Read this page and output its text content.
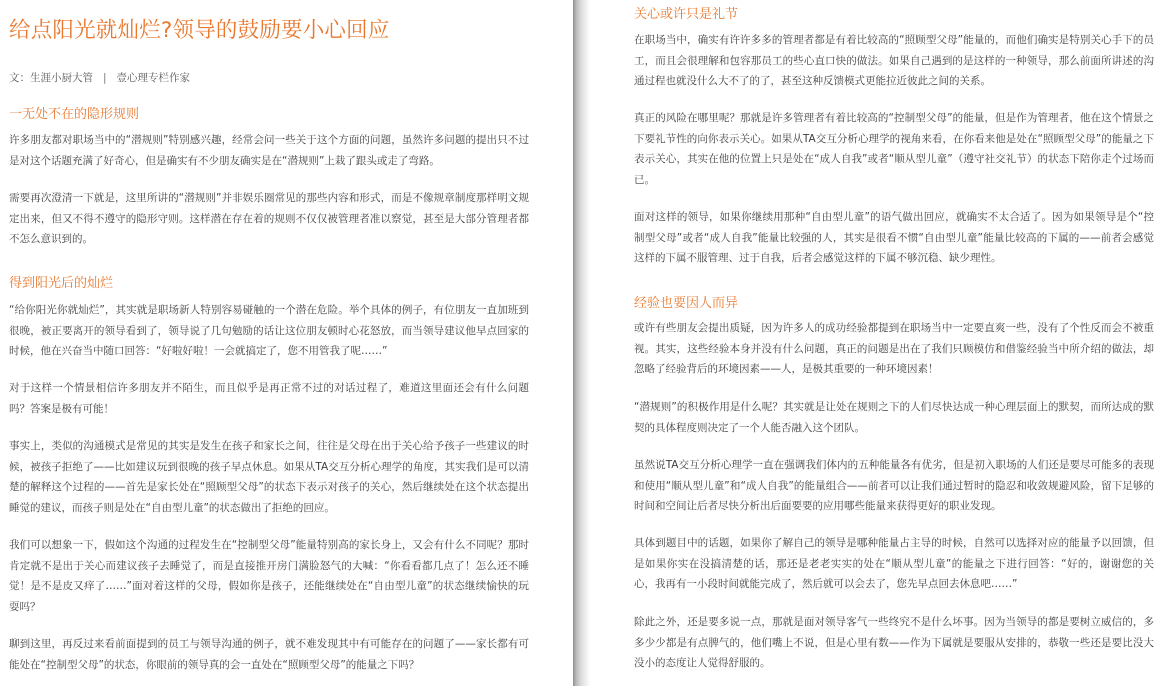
给点阳光就灿烂?领导的鼓励要小心回应
文：生涯小厨大管 | 壹心理专栏作家
一无处不在的隐形规则

许多朋友都对职场当中的“潜规则”特别感兴趣，经常会问一些关于这个方面的问题，虽然许多问题的提出只不过是对这个话题充满了好奇心，但是确实有不少朋友确实是在“潜规则”上栽了跟头或走了弯路。

需要再次澄清一下就是，这里所讲的“潜规则”并非娱乐圈常见的那些内容和形式，而是不像规章制度那样明文规定出来，但又不得不遵守的隐形守则。这样潜在存在着的规则不仅仅被管理者准以察觉，甚至是大部分管理者都不怎么意识到的。

得到阳光后的灿烂

“给你阳光你就灿烂”，其实就是职场新人特别容易碰触的一个潜在危险。举个具体的例子，有位朋友一直加班到很晚，被正要离开的领导看到了，领导说了几句勉励的话让这位朋友顿时心花怒放，而当领导建议他早点回家的时候，他在兴奋当中随口回答：“好啦好啦！一会就搞定了，您不用管我了呢……”

对于这样一个情景相信许多朋友并不陌生，而且似乎是再正常不过的对话过程了，难道这里面还会有什么问题吗？答案是极有可能！

事实上，类似的沟通模式是常见的其实是发生在孩子和家长之间，往往是父母在出于关心给予孩子一些建议的时候，被孩子拒绝了——比如建议玩到很晚的孩子早点休息。如果从TA交互分析心理学的角度，其实我们是可以清楚的解释这个过程的——首先是家长处在“照顾型父母”的状态下表示对孩子的关心，然后继续处在这个状态提出睡觉的建议，而孩子则是处在“自由型儿童”的状态做出了拒绝的回应。

我们可以想象一下，假如这个沟通的过程发生在“控制型父母”能量特别高的家长身上，又会有什么不同呢？那时肯定就不是出于关心而建议孩子去睡觉了，而是直接推开房门满脸怒气的大喊：“你看看都几点了！怎么还不睡觉！是不是皮又痒了……”面对着这样的父母，假如你是孩子，还能继续处在“自由型儿童”的状态继续愉快的玩耍吗？

聊到这里，再反过来看前面提到的员工与领导沟通的例子，就不难发现其中有可能存在的问题了——家长都有可能处在“控制型父母”的状态，你眼前的领导真的会一直处在“照顾型父母”的能量之下吗？

关心或许只是礼节

在职场当中，确实有许许多多的管理者都是有着比较高的“照顾型父母”能量的，而他们确实是特别关心手下的员工，而且会很理解和包容那员工的些心直口快的做法。如果自己遇到的是这样的一种领导，那么前面所讲述的沟通过程也就没什么大不了的了，甚至这种反馈模式更能拉近彼此之间的关系。

真正的风险在哪里呢？那就是许多管理者有着比较高的“控制型父母”的能量，但是作为管理者，他在这个情景之下要礼节性的向你表示关心。如果从TA交互分析心理学的视角来看，在你看来他是处在“照顾型父母”的能量之下表示关心，其实在他的位置上只是处在“成人自我”或者“顺从型儿童”（遵守社交礼节）的状态下陪你走个过场而已。

面对这样的领导，如果你继续用那种“自由型儿童”的语气做出回应，就确实不太合适了。因为如果领导是个“控制型父母”或者“成人自我”能量比较强的人，其实是很看不惯“自由型儿童”能量比较高的下属的——前者会感觉这样的下属不服管理、过于自我，后者会感觉这样的下属不够沉稳、缺少理性。

经验也要因人而异

或许有些朋友会提出质疑，因为许多人的成功经验都提到在职场当中一定要直爽一些，没有了个性反而会不被重视。其实，这些经验本身并没有什么问题，真正的问题是出在了我们只顾模仿和借鉴经验当中所介绍的做法，却忽略了经验背后的环境因素——人，是极其重要的一种环境因素！

“潜规则”的积极作用是什么呢？其实就是让处在规则之下的人们尽快达成一种心理层面上的默契，而所达成的默契的具体程度则决定了一个人能否融入这个团队。

虽然说TA交互分析心理学一直在强调我们体内的五种能量各有优劣，但是初入职场的人们还是要尽可能多的表现和使用“顺从型儿童”和“成人自我”的能量组合——前者可以让我们通过暂时的隐忍和收敛规避风险，留下足够的时间和空间让后者尽快分析出后面要要的应用哪些能量来获得更好的职业发现。

具体到题目中的话题，如果你了解自己的领导是哪种能量占主导的时候，自然可以选择对应的能量予以回馈，但是如果你实在没搞清楚的话，那还是老老实实的处在“顺从型儿童”的能量之下进行回答：“好的，谢谢您的关心，我再有一小段时间就能完成了，然后就可以会去了，您先早点回去休息吧……”

除此之外，还是要多说一点，那就是面对领导客气一些终究不是什么坏事。因为当领导的都是要树立威信的，多多少少都是有点脾气的，他们嘴上不说，但是心里有数——作为下属就是要服从安排的，恭敬一些还是要比没大没小的态度让人觉得舒服的。
